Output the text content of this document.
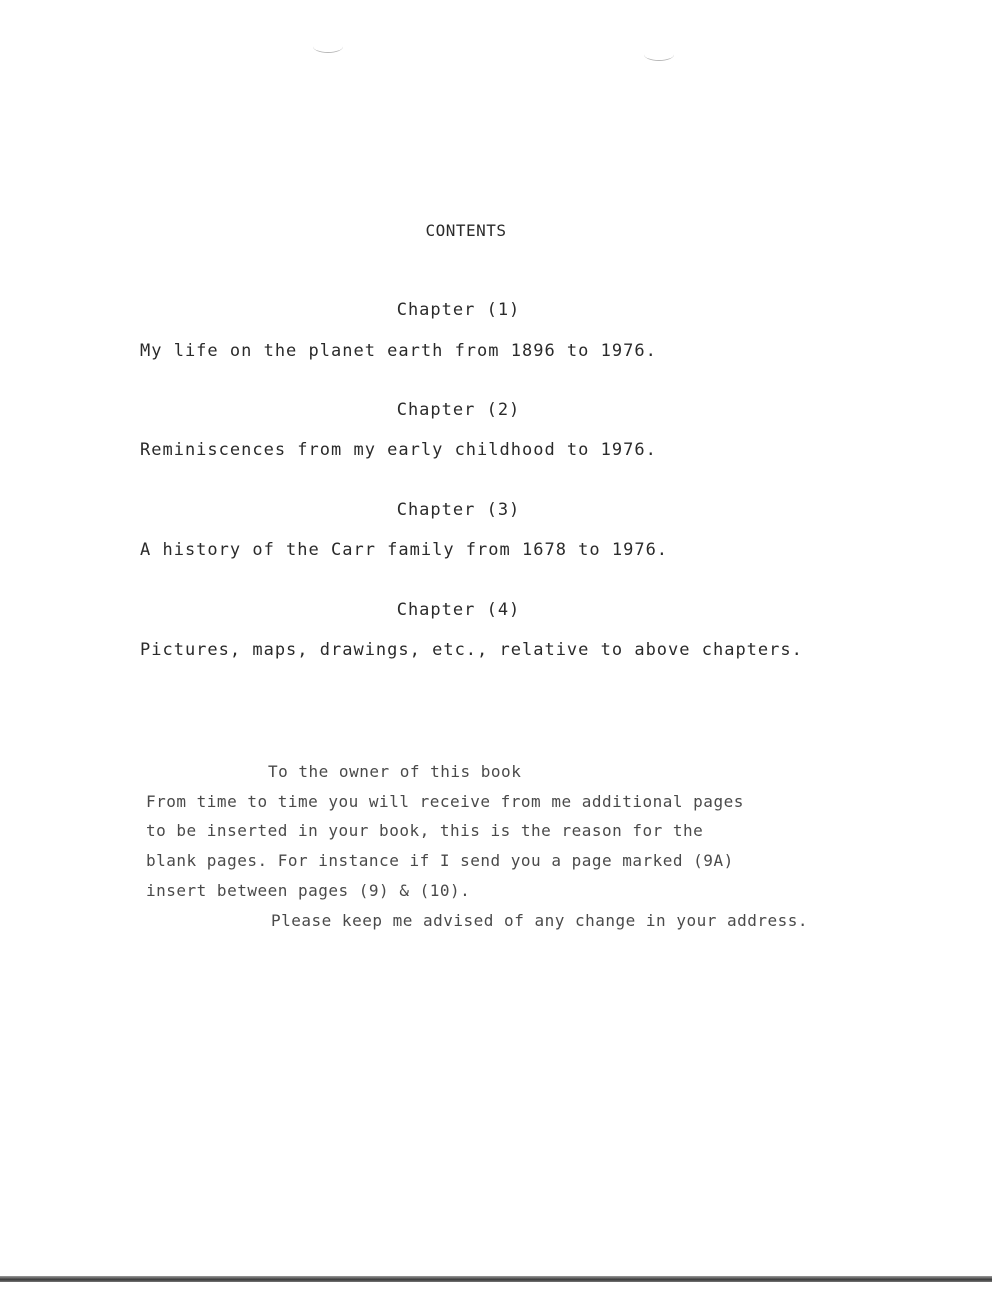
CONTENTS
Chapter (1)
My life on the planet earth from 1896 to 1976.
Chapter (2)
Reminiscences from my early childhood to 1976.
Chapter (3)
A history of the Carr family from 1678 to 1976.
Chapter (4)
Pictures, maps, drawings, etc., relative to above chapters.
To the owner of this book
From time to time you will receive from me additional pages
to be inserted in your book, this is the reason for the
blank pages. For instance if I send you a page marked (9A)
insert between pages (9) & (10).
Please keep me advised of any change in your address.
